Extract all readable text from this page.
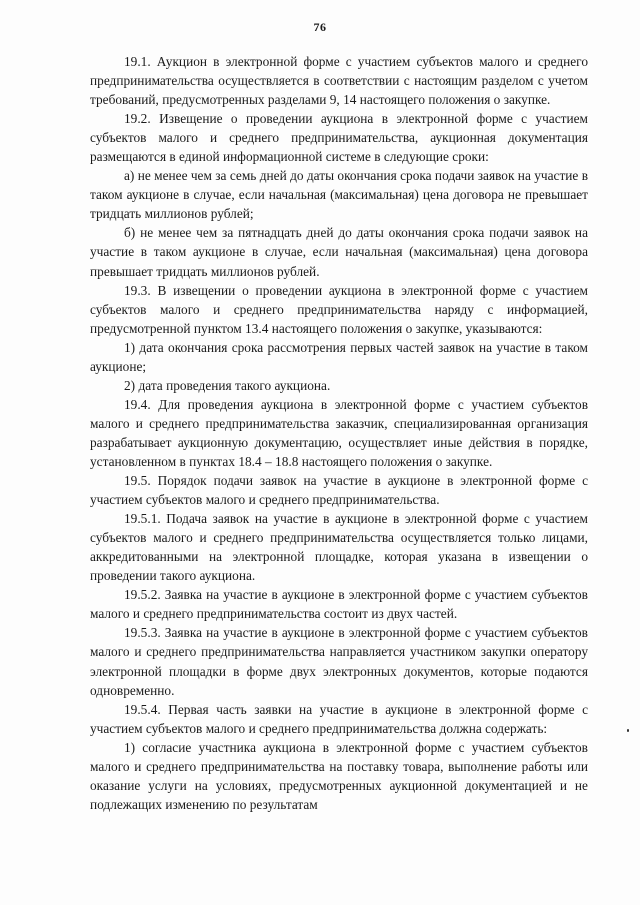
76

19.1. Аукцион в электронной форме с участием субъектов малого и среднего предпринимательства осуществляется в соответствии с настоящим разделом с учетом требований, предусмотренных разделами 9, 14 настоящего положения о закупке.

19.2. Извещение о проведении аукциона в электронной форме с участием субъектов малого и среднего предпринимательства, аукционная документация размещаются в единой информационной системе в следующие сроки:

а) не менее чем за семь дней до даты окончания срока подачи заявок на участие в таком аукционе в случае, если начальная (максимальная) цена договора не превышает тридцать миллионов рублей;

б) не менее чем за пятнадцать дней до даты окончания срока подачи заявок на участие в таком аукционе в случае, если начальная (максимальная) цена договора превышает тридцать миллионов рублей.

19.3. В извещении о проведении аукциона в электронной форме с участием субъектов малого и среднего предпринимательства наряду с информацией, предусмотренной пунктом 13.4 настоящего положения о закупке, указываются:

1) дата окончания срока рассмотрения первых частей заявок на участие в таком аукционе;

2) дата проведения такого аукциона.

19.4. Для проведения аукциона в электронной форме с участием субъектов малого и среднего предпринимательства заказчик, специализированная организация разрабатывает аукционную документацию, осуществляет иные действия в порядке, установленном в пунктах 18.4 – 18.8 настоящего положения о закупке.

19.5. Порядок подачи заявок на участие в аукционе в электронной форме с участием субъектов малого и среднего предпринимательства.

19.5.1. Подача заявок на участие в аукционе в электронной форме с участием субъектов малого и среднего предпринимательства осуществляется только лицами, аккредитованными на электронной площадке, которая указана в извещении о проведении такого аукциона.

19.5.2. Заявка на участие в аукционе в электронной форме с участием субъектов малого и среднего предпринимательства состоит из двух частей.

19.5.3. Заявка на участие в аукционе в электронной форме с участием субъектов малого и среднего предпринимательства направляется участником закупки оператору электронной площадки в форме двух электронных документов, которые подаются одновременно.

19.5.4. Первая часть заявки на участие в аукционе в электронной форме с участием субъектов малого и среднего предпринимательства должна содержать:

1) согласие участника аукциона в электронной форме с участием субъектов малого и среднего предпринимательства на поставку товара, выполнение работы или оказание услуги на условиях, предусмотренных аукционной документацией и не подлежащих изменению по результатам
